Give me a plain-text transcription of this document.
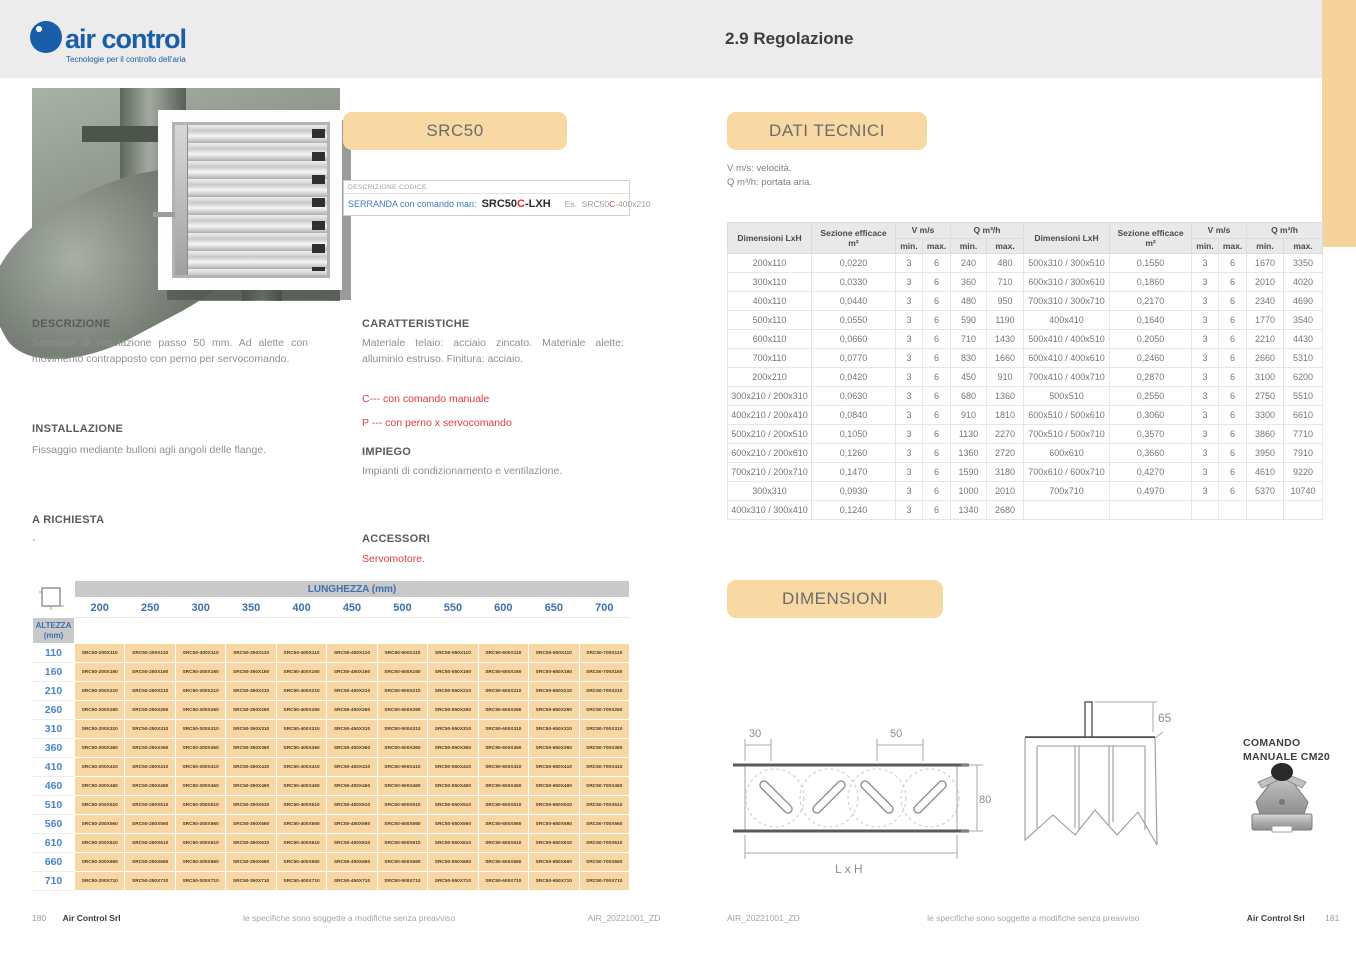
air control
Tecnologie per il controllo dell'aria
2.9 Regolazione
SRC50
DESCRIZIONE CODICE
SERRANDA con comando man: SRC50C-LXH Es. SRC50C-400x210
DESCRIZIONE
Serrande di regolazione passo 50 mm. Ad alette con movimento contrapposto con perno per servocomando.
INSTALLAZIONE
Fissaggio mediante bulloni agli angoli delle flange.
A RICHIESTA
-
CARATTERISTICHE
Materiale telaio: acciaio zincato. Materiale alette: alluminio estruso. Finitura: acciaio.
C--- con comando manuale
P --- con perno x servocomando
IMPIEGO
Impianti di condizionamento e ventilazione.
ACCESSORI
Servomotore.
	LUNGHEZZA (mm)										
	200	250	300	350	400	450	500	550	600	650	700
ALTEZZA
(mm)											
110	SRC50-200X110	SRC50-250X110	SRC50-300X110	SRC50-350X110	SRC50-400X110	SRC50-450X110	SRC50-500X110	SRC50-550X110	SRC50-600X110	SRC50-650X110	SRC50-700X110
160	SRC50-200X160	SRC50-250X160	SRC50-300X160	SRC50-350X160	SRC50-400X160	SRC50-450X160	SRC50-500X160	SRC50-550X160	SRC50-600X160	SRC50-650X160	SRC50-700X160
210	SRC50-200X210	SRC50-250X210	SRC50-300X210	SRC50-350X210	SRC50-400X210	SRC50-450X210	SRC50-500X210	SRC50-550X210	SRC50-600X210	SRC50-650X210	SRC50-700X210
260	SRC50-200X260	SRC50-250X260	SRC50-300X260	SRC50-350X260	SRC50-400X260	SRC50-450X260	SRC50-500X260	SRC50-550X260	SRC50-600X260	SRC50-650X260	SRC50-700X260
310	SRC50-200X310	SRC50-250X310	SRC50-300X310	SRC50-350X310	SRC50-400X310	SRC50-450X310	SRC50-500X310	SRC50-550X310	SRC50-600X310	SRC50-650X310	SRC50-700X310
360	SRC50-200X360	SRC50-250X360	SRC50-300X360	SRC50-350X360	SRC50-400X360	SRC50-450X360	SRC50-500X360	SRC50-550X360	SRC50-600X360	SRC50-650X360	SRC50-700X360
410	SRC50-200X410	SRC50-250X410	SRC50-300X410	SRC50-350X410	SRC50-400X410	SRC50-450X410	SRC50-500X410	SRC50-550X410	SRC50-600X410	SRC50-650X410	SRC50-700X410
460	SRC50-200X460	SRC50-250X460	SRC50-300X460	SRC50-350X460	SRC50-400X460	SRC50-450X460	SRC50-500X460	SRC50-550X460	SRC50-600X460	SRC50-650X460	SRC50-700X460
510	SRC50-200X510	SRC50-250X510	SRC50-300X510	SRC50-350X510	SRC50-400X510	SRC50-450X510	SRC50-500X510	SRC50-550X510	SRC50-600X510	SRC50-650X510	SRC50-700X510
560	SRC50-200X560	SRC50-250X560	SRC50-300X560	SRC50-350X560	SRC50-400X560	SRC50-450X560	SRC50-500X560	SRC50-550X560	SRC50-600X560	SRC50-650X560	SRC50-700X560
610	SRC50-200X610	SRC50-250X610	SRC50-300X610	SRC50-350X610	SRC50-400X610	SRC50-450X610	SRC50-500X610	SRC50-550X610	SRC50-600X610	SRC50-650X610	SRC50-700X610
660	SRC50-200X660	SRC50-250X660	SRC50-300X660	SRC50-350X660	SRC50-400X660	SRC50-450X660	SRC50-500X660	SRC50-550X660	SRC50-600X660	SRC50-650X660	SRC50-700X660
710	SRC50-200X710	SRC50-250X710	SRC50-300X710	SRC50-350X710	SRC50-400X710	SRC50-450X710	SRC50-500X710	SRC50-550X710	SRC50-600X710	SRC50-650X710	SRC50-700X710
DATI TECNICI
V m/s: velocità.
Q m³/h: portata aria.
Dimensioni LxH	Sezione efficace
m²	V m/s		Q m³/h		Dimensioni LxH	Sezione efficace
m²	V m/s		Q m³/h	
		min.	max.	min.	max.			min.	max.	min.	max.
200x110	0,0220	3	6	240	480	500x310 / 300x510	0,1550	3	6	1670	3350
300x110	0,0330	3	6	360	710	600x310 / 300x610	0,1860	3	6	2010	4020
400x110	0,0440	3	6	480	950	700x310 / 300x710	0,2170	3	6	2340	4690
500x110	0,0550	3	6	590	1190	400x410	0,1640	3	6	1770	3540
600x110	0,0660	3	6	710	1430	500x410 / 400x510	0,2050	3	6	2210	4430
700x110	0,0770	3	6	830	1660	600x410 / 400x610	0,2460	3	6	2660	5310
200x210	0,0420	3	6	450	910	700x410 / 400x710	0,2870	3	6	3100	6200
300x210 / 200x310	0,0630	3	6	680	1360	500x510	0,2550	3	6	2750	5510
400x210 / 200x410	0,0840	3	6	910	1810	600x510 / 500x610	0,3060	3	6	3300	6610
500x210 / 200x510	0,1050	3	6	1130	2270	700x510 / 500x710	0,3570	3	6	3860	7710
600x210 / 200x610	0,1260	3	6	1360	2720	600x610	0,3660	3	6	3950	7910
700x210 / 200x710	0,1470	3	6	1590	3180	700x610 / 600x710	0,4270	3	6	4610	9220
300x310	0,0930	3	6	1000	2010	700x710	0,4970	3	6	5370	10740
400x310 / 300x410	0,1240	3	6	1340	2680						
DIMENSIONI
30	50
80
L x H
65
COMANDO
MANUALE CM20
180 Air Control Srl	le specifiche sono soggette a modifiche senza preavviso	AIR_20221001_ZD	AIR_20221001_ZD	le specifiche sono soggette a modifiche senza preavviso	Air Control Srl 181
